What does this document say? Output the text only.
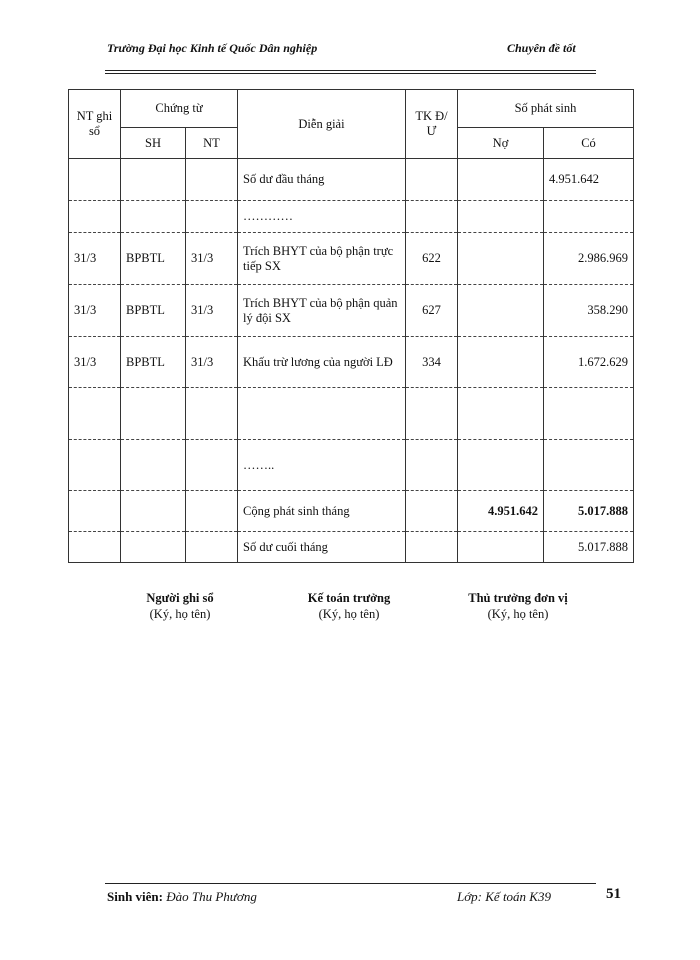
Trường Đại học Kinh tế Quốc Dân nghiệp	Chuyên đề tốt
NT ghi sổ	Chứng từ		Diễn giải	TK Đ/Ư	Số phát sinh	
	SH	NT			Nợ	Có
			Số dư đầu tháng			4.951.642
			…………			
31/3	BPBTL	31/3	Trích BHYT của bộ phận trực tiếp SX	622		2.986.969
31/3	BPBTL	31/3	Trích BHYT của bộ phận quản lý đội SX	627		358.290
31/3	BPBTL	31/3	Khấu trừ lương của người LĐ	334		1.672.629

			……..			
			Cộng phát sinh tháng		4.951.642	5.017.888
			Số dư cuối tháng			5.017.888
Người ghi sổ
(Ký, họ tên)
Kế toán trưởng
(Ký, họ tên)
Thủ trưởng đơn vị
(Ký, họ tên)
Sinh viên: Đào Thu Phương	Lớp: Kế toán K39	51
